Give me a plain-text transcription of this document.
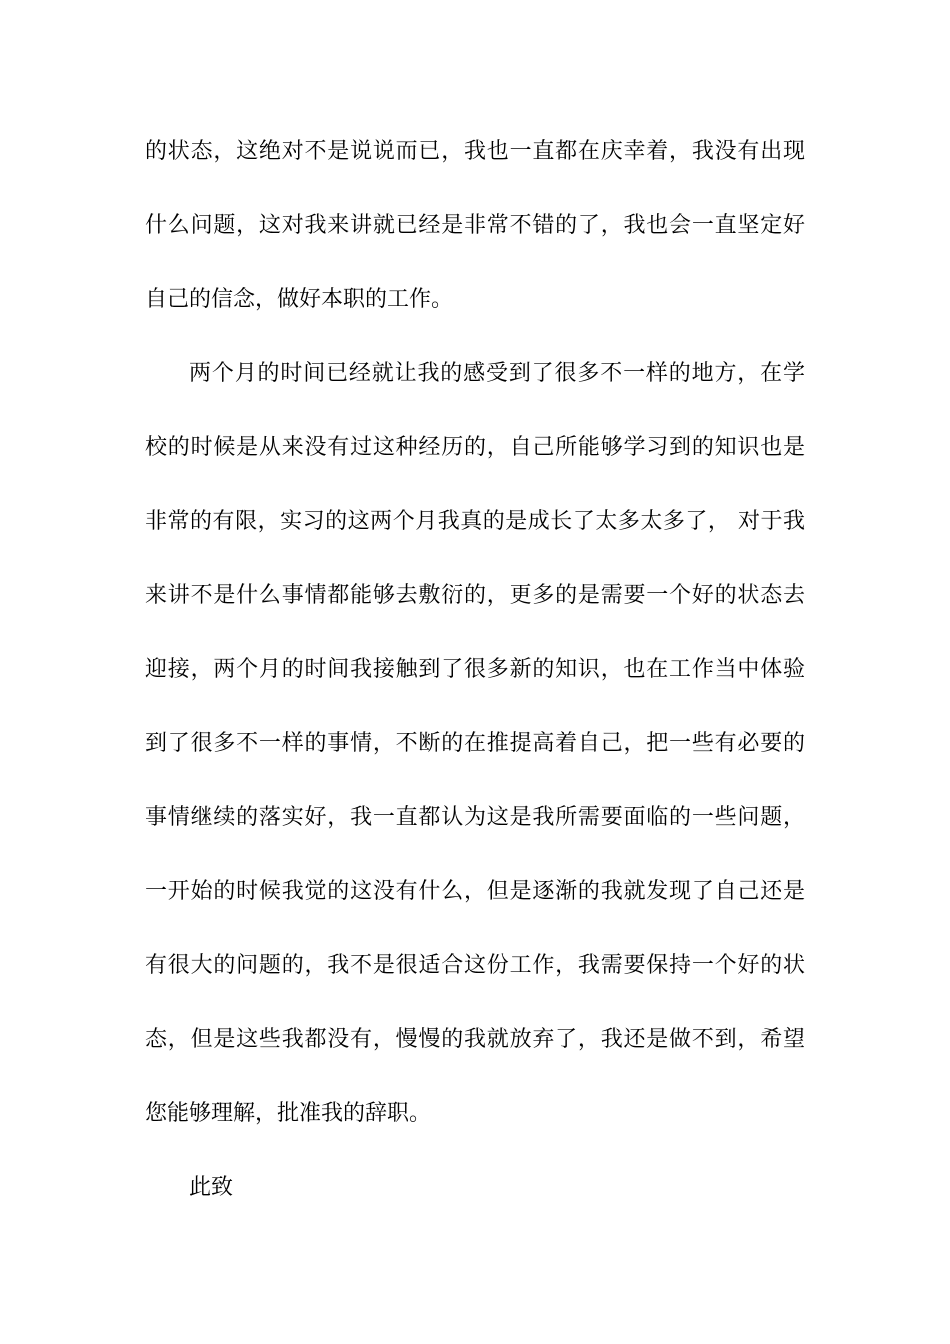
的状态，这绝对不是说说而已，我也一直都在庆幸着，我没有出现
什么问题，这对我来讲就已经是非常不错的了，我也会一直坚定好
自己的信念，做好本职的工作。
两个月的时间已经就让我的感受到了很多不一样的地方，在学
校的时候是从来没有过这种经历的，自己所能够学习到的知识也是
非常的有限，实习的这两个月我真的是成长了太多太多了， 对于我
来讲不是什么事情都能够去敷衍的，更多的是需要一个好的状态去
迎接，两个月的时间我接触到了很多新的知识，也在工作当中体验
到了很多不一样的事情，不断的在推提高着自己，把一些有必要的
事情继续的落实好，我一直都认为这是我所需要面临的一些问题，
一开始的时候我觉的这没有什么，但是逐渐的我就发现了自己还是
有很大的问题的，我不是很适合这份工作，我需要保持一个好的状
态，但是这些我都没有，慢慢的我就放弃了，我还是做不到，希望
您能够理解，批准我的辞职。
此致
